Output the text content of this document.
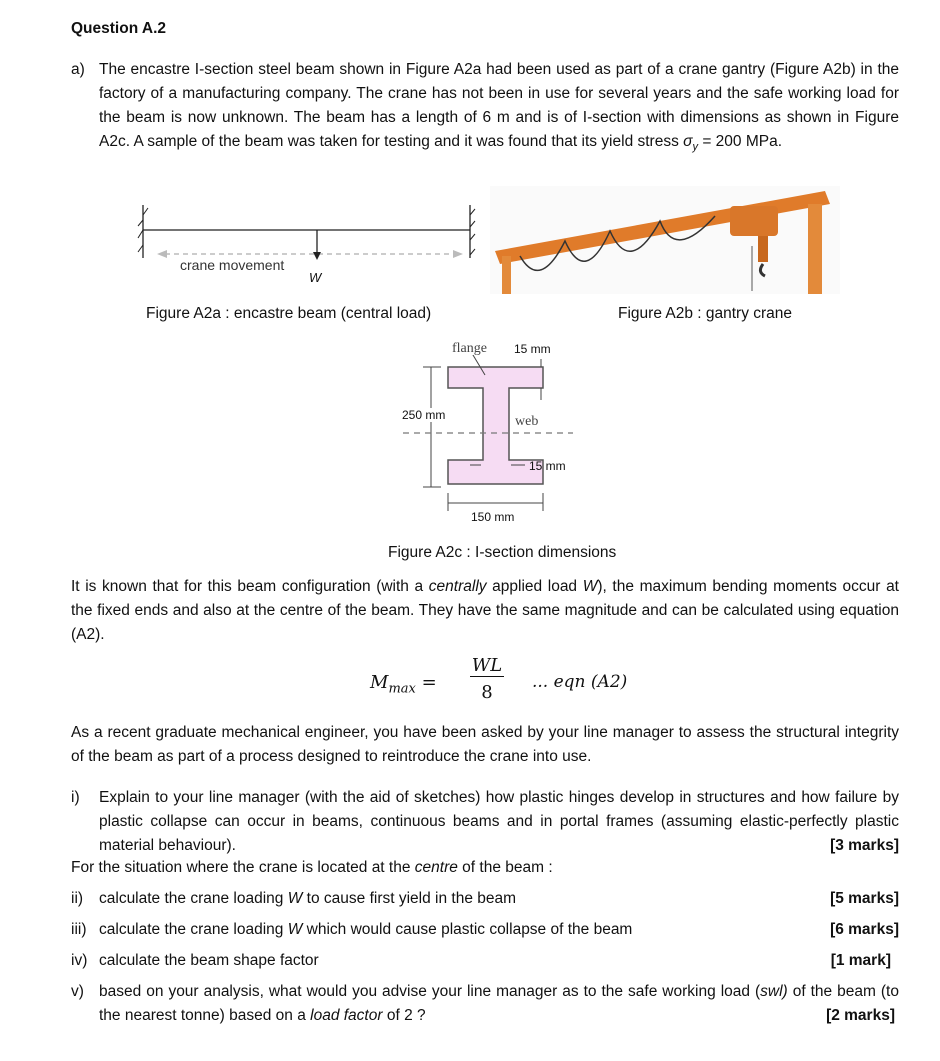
Question A.2
a) The encastre I-section steel beam shown in Figure A2a had been used as part of a crane gantry (Figure A2b) in the factory of a manufacturing company. The crane has not been in use for several years and the safe working load for the beam is now unknown. The beam has a length of 6 m and is of I-section with dimensions as shown in Figure A2c. A sample of the beam was taken for testing and it was found that its yield stress $\sigma_y = 200$ MPa.
crane movement
W
Figure A2a : encastre beam (central load)	Figure A2b : gantry crane
flange 15 mm
250 mm	web
15 mm
150 mm
Figure A2c : I-section dimensions
It is known that for this beam configuration (with a centrally applied load W), the maximum bending moments occur at the fixed ends and also at the centre of the beam. They have the same magnitude and can be calculated using equation (A2).
$M_{max}$ =
WL
8	... eqn (A2)
As a recent graduate mechanical engineer, you have been asked by your line manager to assess the structural integrity of the beam as part of a process designed to reintroduce the crane into use.
i) Explain to your line manager (with the aid of sketches) how plastic hinges develop in structures and how failure by plastic collapse can occur in beams, continuous beams and in portal frames (assuming elastic-perfectly plastic material behaviour).	[3 marks]
For the situation where the crane is located at the centre of the beam :
ii) calculate the crane loading W to cause first yield in the beam	[5 marks]
iii) calculate the crane loading W which would cause plastic collapse of the beam	[6 marks]
iv) calculate the beam shape factor	[1 mark]
v) based on your analysis, what would you advise your line manager as to the safe working load (swl) of the beam (to the nearest tonne) based on a load factor of 2 ?	[2 marks]
